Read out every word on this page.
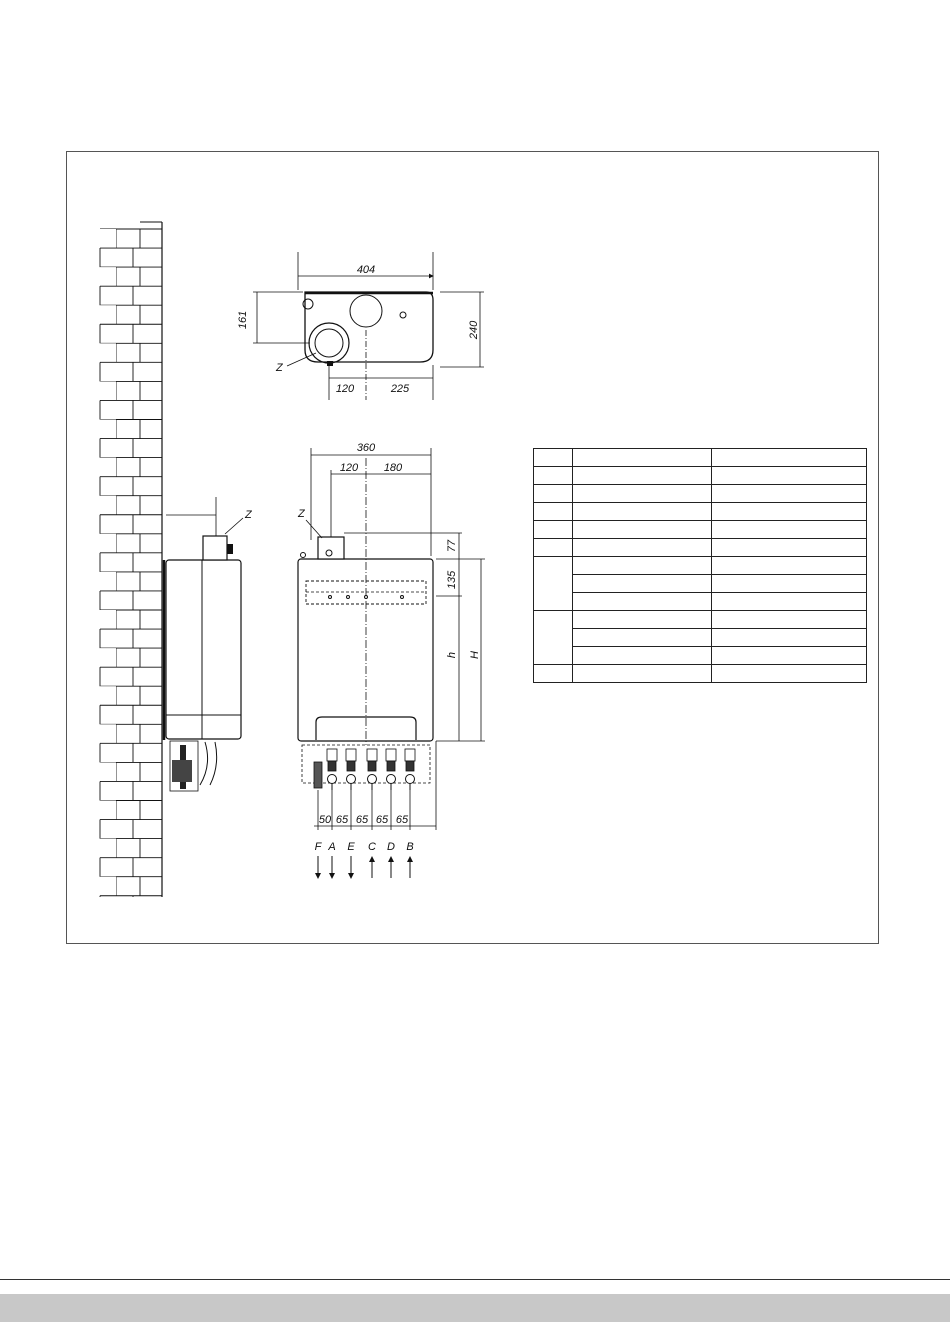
404
240
161
120	225
Z
Z
360
120 180
Z
77
135
h H
F A E C D B
50 65 65 65 65
